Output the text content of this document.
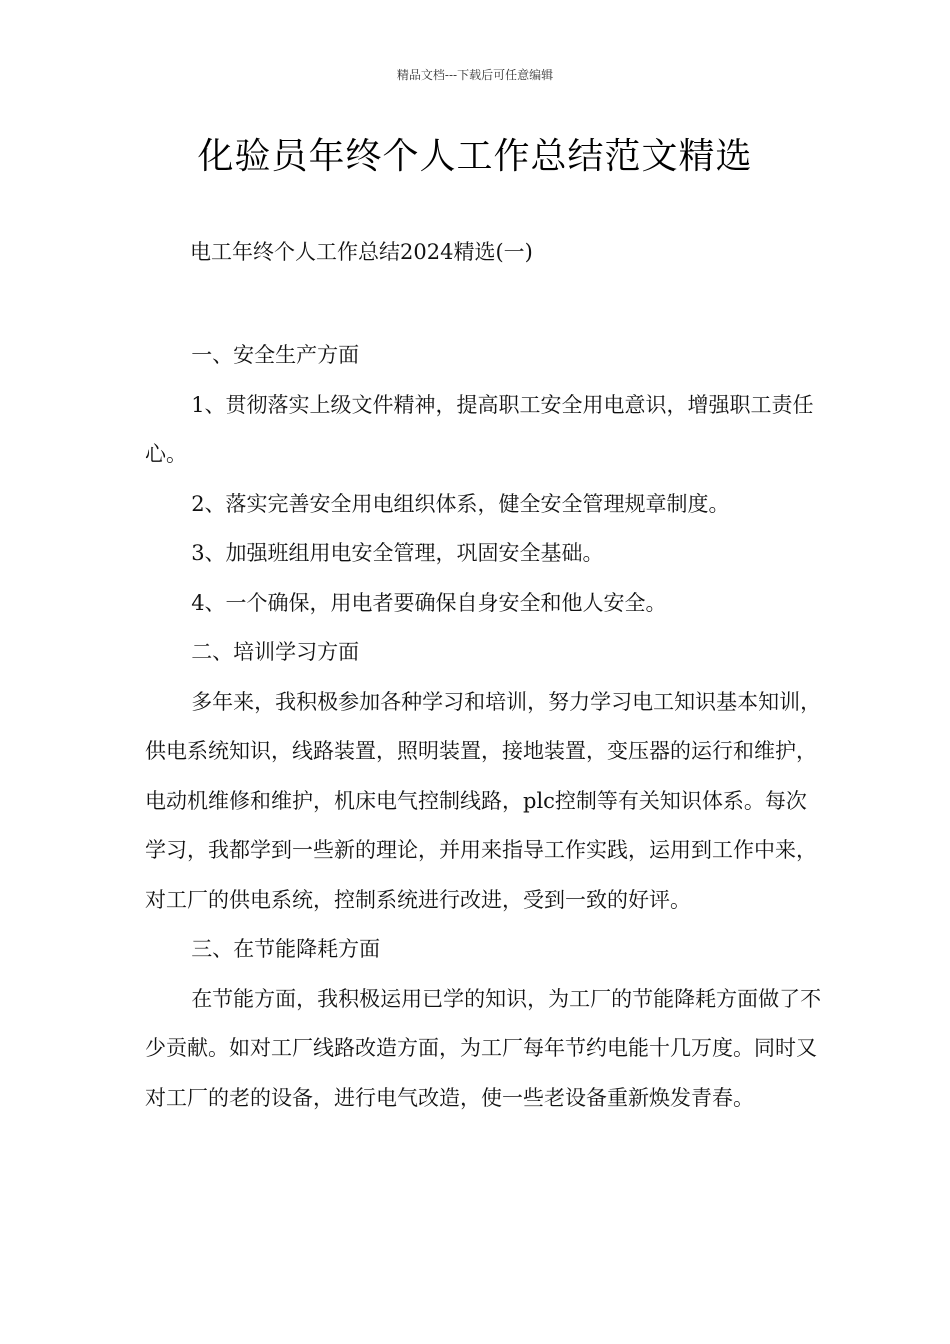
精品文档---下载后可任意编辑
化验员年终个人工作总结范文精选
电工年终个人工作总结2024精选(一)

一、安全生产方面

1、贯彻落实上级文件精神，提高职工安全用电意识，增强职工责任心。

2、落实完善安全用电组织体系，健全安全管理规章制度。

3、加强班组用电安全管理，巩固安全基础。

4、一个确保，用电者要确保自身安全和他人安全。

二、培训学习方面

多年来，我积极参加各种学习和培训，努力学习电工知识基本知训，供电系统知识，线路装置，照明装置，接地装置，变压器的运行和维护，电动机维修和维护，机床电气控制线路，plc控制等有关知识体系。每次学习，我都学到一些新的理论，并用来指导工作实践，运用到工作中来，对工厂的供电系统，控制系统进行改进，受到一致的好评。

三、在节能降耗方面

在节能方面，我积极运用已学的知识，为工厂的节能降耗方面做了不少贡献。如对工厂线路改造方面，为工厂每年节约电能十几万度。同时又对工厂的老的设备，进行电气改造，使一些老设备重新焕发青春。
